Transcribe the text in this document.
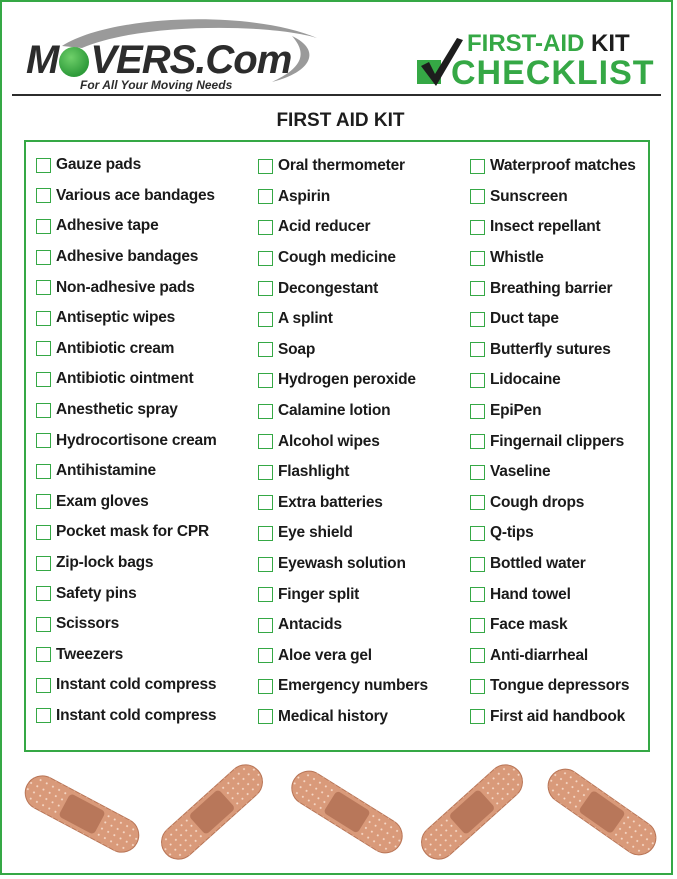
M VERS.Com
For All Your Moving Needs
FIRST-AID KIT
CHECKLIST
FIRST AID KIT
Gauze pads
Various ace bandages
Adhesive tape
Adhesive bandages
Non-adhesive pads
Antiseptic wipes
Antibiotic cream
Antibiotic ointment
Anesthetic spray
Hydrocortisone cream
Antihistamine
Exam gloves
Pocket mask for CPR
Zip-lock bags
Safety pins
Scissors
Tweezers
Instant cold compress
Instant cold compress
Oral thermometer
Aspirin
Acid reducer
Cough medicine
Decongestant
A splint
Soap
Hydrogen peroxide
Calamine lotion
Alcohol wipes
Flashlight
Extra batteries
Eye shield
Eyewash solution
Finger split
Antacids
Aloe vera gel
Emergency numbers
Medical history
Waterproof matches
Sunscreen
Insect repellant
Whistle
Breathing barrier
Duct tape
Butterfly sutures
Lidocaine
EpiPen
Fingernail clippers
Vaseline
Cough drops
Q-tips
Bottled water
Hand towel
Face mask
Anti-diarrheal
Tongue depressors
First aid handbook
